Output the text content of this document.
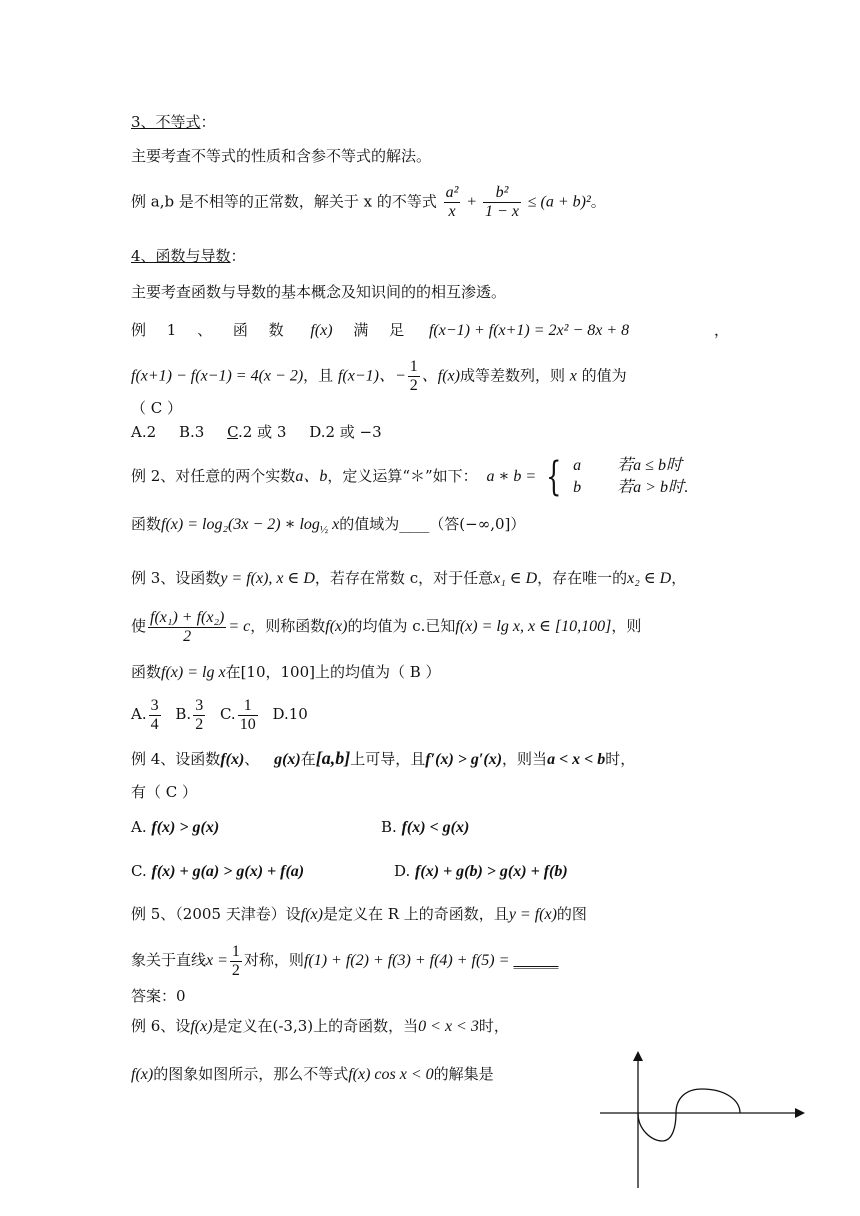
3、不等式：
主要考查不等式的性质和含参不等式的解法。
例 a,b 是不相等的正常数，解关于 x 的不等式 $\frac{\text{a²}}{x} + \frac{\text{b²}}{1 - x} \le (a + b)^2$。
4、函数与导数：
主要考查函数与导数的基本概念及知识间的的相互渗透。
例 1 、 函 数 f(x) 满 足 f(x−1) + f(x+1) = 2x² − 8x + 8	，
f(x+1) − f(x−1) = 4(x − 2)，且 f(x−1)、− $\frac{1}{2}$ 、f(x)成等差数列，则 x 的值为
（ C ）
A.2 B.3 C.2 或 3 D.2 或 −3
例 2、对任意的两个实数a、b，定义运算“＊”如下： a ∗ b = { a 若a ≤ b时
b 若a > b时.
函数f(x) = log₂(3x − 2) ∗ $\log_{\frac{1}{2}} x$的值域为____（答(−∞,0]）
例 3、设函数y = f(x), x ∈ D，若存在常数 c，对于任意x₁ ∈ D，存在唯一的x₂ ∈ D，
使 $\frac{\text{f(x₁) + f(x₂)}}{2} = c$，则称函数f(x)的均值为 c.已知f(x) = lg x, x ∈ [10,100]，则
函数f(x) = lg x在[10，100]上的均值为（ B ）
A. $\frac{3}{4} B$. $\frac{3}{2} C$. $\frac{1}{10} D.10$
例 4、设函数f(x)、 g(x)在[a,b]上可导，且f′(x) > g′(x)，则当a < x < b时，
有（ C ）
A. f(x) > g(x)	B. f(x) < g(x)
C. f(x) + g(a) > g(x) + f(a)	D. f(x) + g(b) > g(x) + f(b)
例 5、（2005 天津卷）设f(x)是定义在 R 上的奇函数，且y = f(x)的图
象关于直线$x = \frac{1}{2}$ 对称，则f(1) + f(2) + f(3) + f(4) + f(5) = ______
答案：0
例 6、设f(x)是定义在(-3,3)上的奇函数，当0 < x < 3时，
f(x)的图象如图所示，那么不等式f(x) cos x < 0的解集是
